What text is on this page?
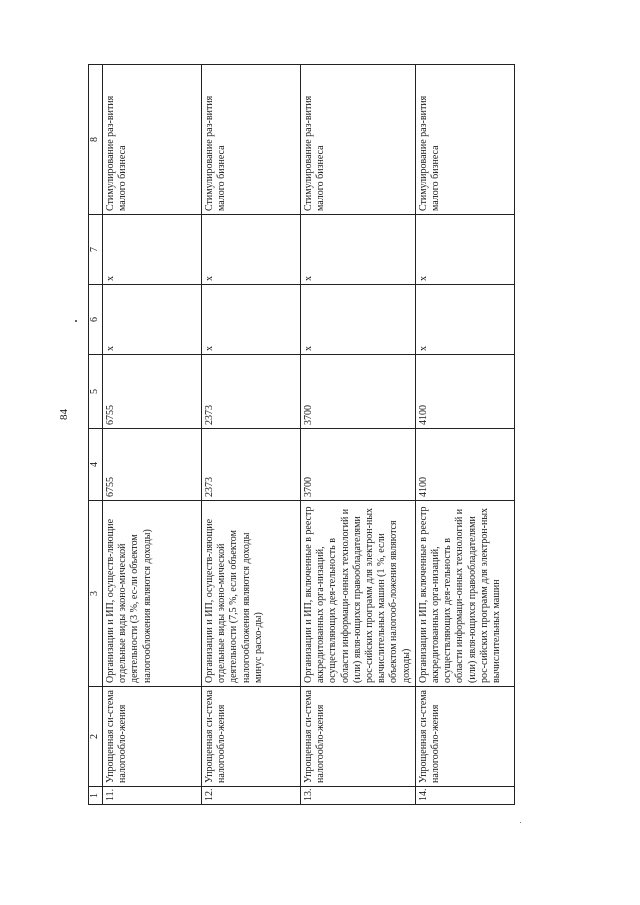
84
1	2	3	4	5	6	7	8
11.	Упрощенная си-стема налогообло-жения	Организации и ИП, осуществ-ляющие отдельные виды эконо-мической деятельности (3 %, ес-ли объектом налогообложения являются доходы)	6755	6755	x	x	Стимулирование раз-вития малого бизнеса
12.	Упрощенная си-стема налогообло-жения	Организации и ИП, осуществ-ляющие отдельные виды эконо-мической деятельности (7,5 %, если объектом налогообложения являются доходы минус расхо-ды)	2373	2373	x	x	Стимулирование раз-вития малого бизнеса
13.	Упрощенная си-стема налогообло-жения	Организации и ИП, включенные в реестр аккредитованных орга-низаций, осуществляющих дея-тельность в области информаци-онных технологий и (или) явля-ющихся правообладателями рос-сийских программ для электрон-ных вычислительных машин (1 %, если объектом налогооб-ложения являются доходы)	3700	3700	x	x	Стимулирование раз-вития малого бизнеса
14.	Упрощенная си-стема налогообло-жения	Организации и ИП, включенные в реестр аккредитованных орга-низаций, осуществляющих дея-тельность в области информаци-онных технологий и (или) явля-ющихся правообладателями рос-сийских программ для электрон-ных вычислительных машин	4100	4100	x	x	Стимулирование раз-вития малого бизнеса
